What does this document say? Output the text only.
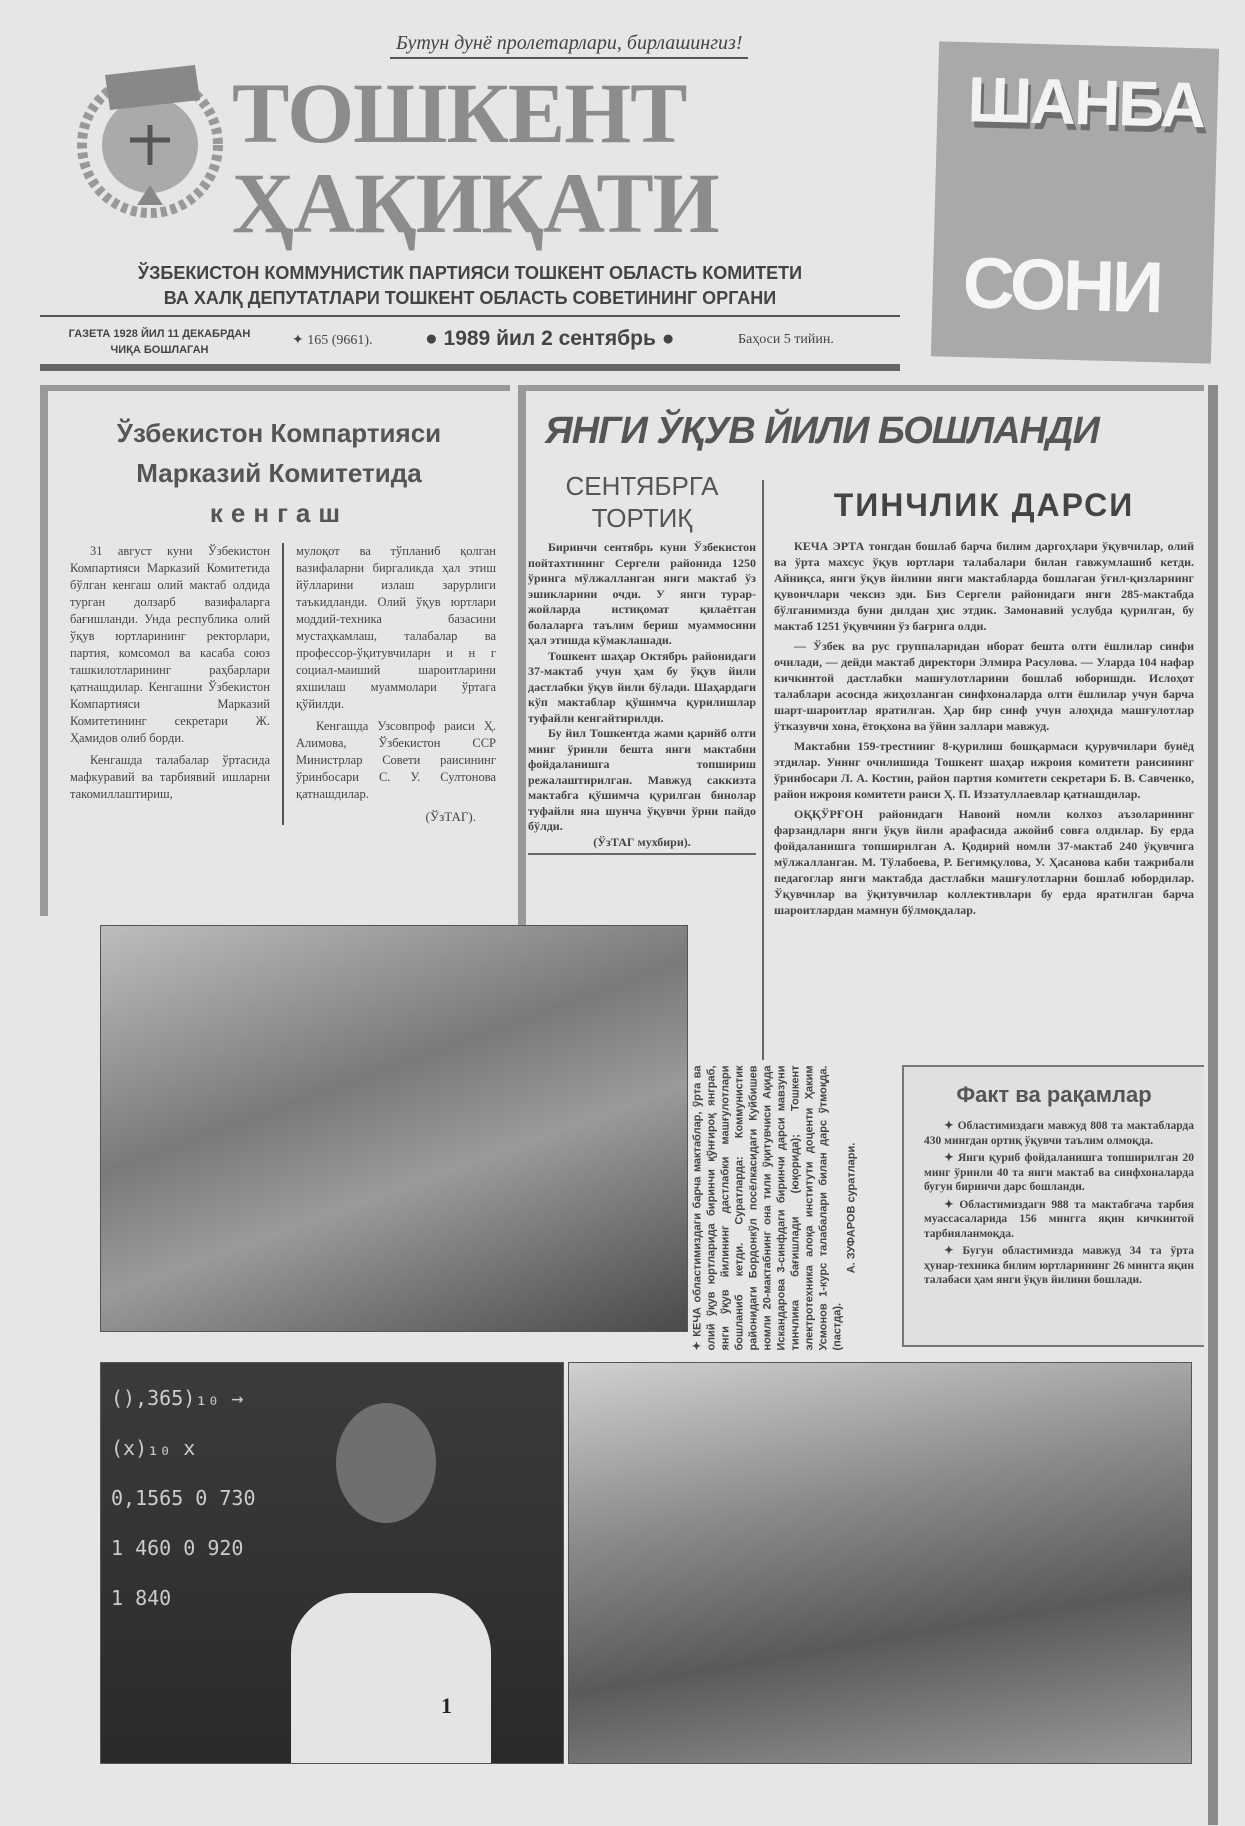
Бутун дунё пролетарлари, бирлашингиз!
ТОШКЕНТ
ҲАҚИҚАТИ
ШАНБА
СОНИ
ЎЗБЕКИСТОН КОММУНИСТИК ПАРТИЯСИ ТОШКЕНТ ОБЛАСТЬ КОМИТЕТИ
ВА ХАЛҚ ДЕПУТАТЛАРИ ТОШКЕНТ ОБЛАСТЬ СОВЕТИНИНГ ОРГАНИ
ГАЗЕТА 1928 ЙИЛ 11 ДЕКАБРДАН
ЧИҚА БОШЛАГАН
✦ 165 (9661). ● 1989 йил 2 сентябрь ●	Баҳоси 5 тийин.
Ўзбекистон Компартияси
Марказий Комитетида
кенгаш

31 август куни Ўзбекистон Компартияси Марказий Комитетида бўлган кенгаш олий мактаб олдида турган долзарб вазифаларга бағишланди. Унда республика олий ўқув юртларининг ректорлари, партия, комсомол ва касаба союз ташкилотларининг раҳбарлари қатнашдилар. Кенгашни Ўзбекистон Компартияси Марказий Комитетининг секретари Ж. Ҳамидов олиб борди.

Кенгашда талабалар ўртасида мафкуравий ва тарбиявий ишларни такомиллаштириш,

мулоқот ва тўпланиб қолган вазифаларни биргаликда ҳал этиш йўлларини излаш зарурлиги таъкидланди. Олий ўқув юртлари моддий-техника базасини мустаҳкамлаш, талабалар ва профессор-ўқитувчиларн и н г социал-маиший шароитларини яхшилаш муаммолари ўртага қўйилди.

Кенгашда Узсовпроф раиси Ҳ. Алимова, Ўзбекистон ССР Министрлар Совети раисининг ўринбосари С. У. Султонова қатнашдилар.

(ЎзТАГ).
ЯНГИ ЎҚУВ ЙИЛИ БОШЛАНДИ
СЕНТЯБРГА
ТОРТИҚ

Биринчи сентябрь куни Ўзбекистон пойтахтининг Сергели районида 1250 ўринга мўлжалланган янги мактаб ўз эшикларини очди. У янги турар-жойларда истиқомат қилаётган болаларга таълим бериш муаммосини ҳал этишда кўмаклашади.

Тошкент шаҳар Октябрь районидаги 37-мактаб учун ҳам бу ўқув йили дастлабки ўқув йили бўлади. Шаҳардаги кўп мактаблар қўшимча қурилишлар туфайли кенгайтирилди.

Бу йил Тошкентда жами қарийб олти минг ўринли бешта янги мактабни фойдаланишга топшириш режалаштирилган. Мавжуд саккизта мактабга қўшимча қурилган бинолар туфайли яна шунча ўқувчи ўрни пайдо бўлди.

(ЎзТАГ мухбири).
ТИНЧЛИК ДАРСИ

КЕЧА ЭРТА тонгдан бошлаб барча билим даргоҳлари ўқувчилар, олий ва ўрта махсус ўқув юртлари талабалари билан гавжумлашиб кетди. Айниқса, янги ўқув йилини янги мактабларда бошлаган ўғил-қизларнинг қувончлари чексиз эди. Биз Сергели районидаги янги 285-мактабда бўлганимизда буни дилдан ҳис этдик. Замонавий услубда қурилган, бу мактаб 1251 ўқувчини ўз бағрига олди.

— Ўзбек ва рус группаларидан иборат бешта олти ёшлилар синфи очилади, — дейди мактаб директори Элмира Расулова. — Уларда 104 нафар кичкинтой дастлабки машғулотларини бошлаб юборишди. Ислоҳот талаблари асосида жиҳозланган синфхоналарда олти ёшлилар учун барча шарт-шароитлар яратилган. Ҳар бир синф учун алоҳида машғулотлар ўтказувчи хона, ётоқхона ва ўйин заллари мавжуд.

Мактабни 159-трестнинг 8-қурилиш бошқармаси қурувчилари бунёд этдилар. Унинг очилишида Тошкент шаҳар ижроия комитети раисининг ўринбосари Л. А. Костин, район партия комитети секретари Б. В. Савченко, район ижроия комитети раиси Ҳ. П. Иззатуллаевлар қатнашдилар.

ОҚҚЎРҒОН районидаги Навоий номли колхоз аъзоларининг фарзандлари янги ўқув йили арафасида ажойиб совға олдилар. Бу ерда фойдаланишга топширилган А. Қодирий номли 37-мактаб 240 ўқувчига мўлжалланган. М. Тўлабоева, Р. Бегимқулова, У. Ҳасанова каби тажрибали педагоглар янги мактабда дастлабки машғулотларни бошлаб юбордилар. Ўқувчилар ва ўқитувчилар коллективлари бу ерда яратилган барча шароитлардан мамнун бўлмоқдалар.

✦ КЕЧА областимиздаги барча мактаблар, ўрта ва олий ўқув юртларида биринчи қўнғироқ янграб, янги ўқув йилининг дастлабки машғулотлари бошланиб кетди. Суратларда: Коммунистик районидаги Бордонкўл посёлкасидаги Куйбишев номли 20-мактабнинг она тили ўқитувчиси Ақида Искандарова 3-синфдаги биринчи дарси мавзуни тинчлика бағишлади (юқорида); Тошкент электротехника алоқа институти доценти Ҳаким Усмонов 1-курс талабалари билан дарс ўтмоқда. (пастда).
А. ЗУФАРОВ суратлари.
Факт ва рақамлар

✦ Областимиздаги мавжуд 808 та мактабларда 430 мингдан ортиқ ўқувчи таълим олмоқда.

✦ Янги қуриб фойдаланишга топширилган 20 минг ўринли 40 та янги мактаб ва синфхоналарда бугун биринчи дарс бошланди.

✦ Областимиздаги 988 та мактабгача тарбия муассасаларида 156 мингга яқин кичкинтой тарбияланмоқда.

✦ Бугун областимизда мавжуд 34 та ўрта ҳунар-техника билим юртларининг 26 мингга яқин талабаси ҳам янги ўқув йилини бошлади.

(),365)₁₀ → (x)₁₀ x 0,1565 0 730 1 460 0 920 1 840
1
